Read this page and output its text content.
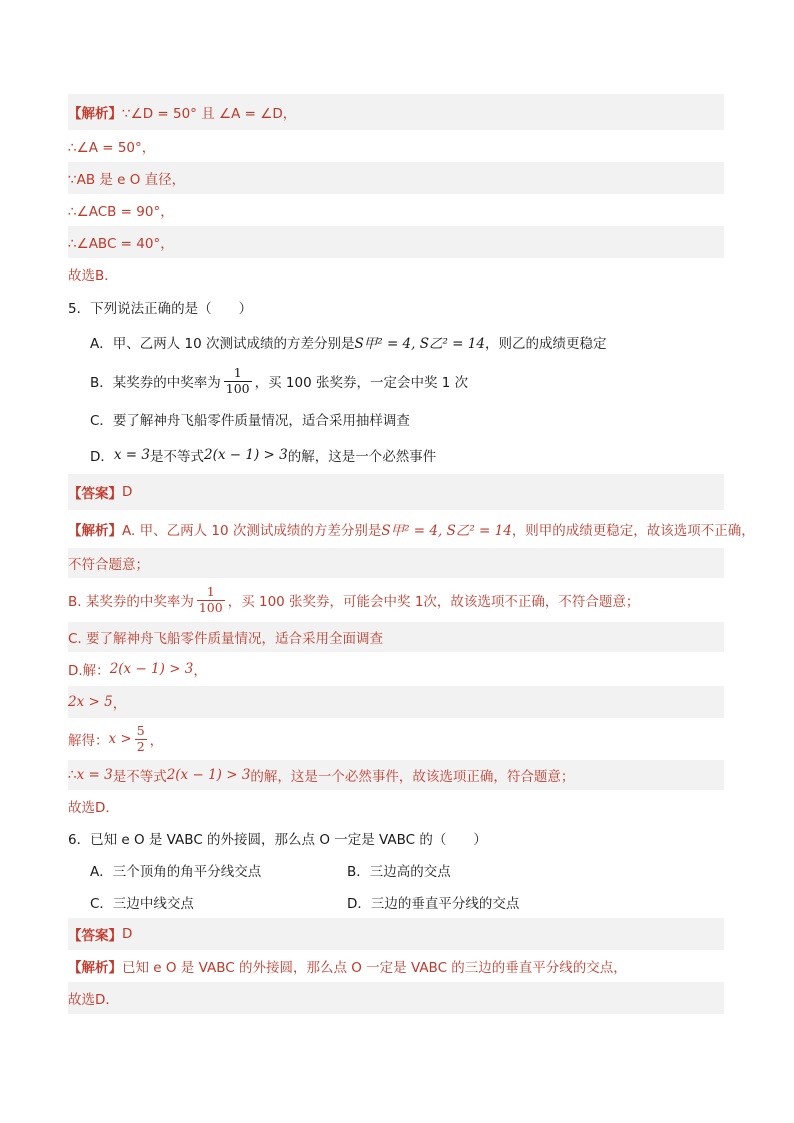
【解析】 ∵∠D = 50° 且 ∠A = ∠D，
∴∠A = 50°，
∵AB 是 e O 直径，
∴∠ACB = 90°，
∴∠ABC = 40°，
故选B．
5．下列说法正确的是（　　）
A．甲、乙两人 10 次测试成绩的方差分别是 S甲² = 4, S乙² = 14 ，则乙的成绩更稳定
B．某奖券的中奖率为 $\frac{1}{100}$ ，买 100 张奖券，一定会中奖 1 次
C．要了解神舟飞船零件质量情况，适合采用抽样调查
D． x = 3 是不等式 2(x − 1) > 3 的解，这是一个必然事件
【答案】 D
【解析】 A. 甲、乙两人 10 次测试成绩的方差分别是 S甲² = 4, S乙² = 14 ，则甲的成绩更稳定，故该选项不正确，
不符合题意；
B. 某奖券的中奖率为 $\frac{1}{100}$ ，买 100 张奖券，可能会中奖 1次，故该选项不正确，不符合题意；
C. 要了解神舟飞船零件质量情况，适合采用全面调查
D.解： 2(x − 1) > 3 ，
2x > 5 ，
解得： $x > \frac{5}{2}$ ，
∴ x = 3 是不等式 2(x − 1) > 3 的解，这是一个必然事件，故该选项正确，符合题意；
故选D．
6．已知 e O 是 VABC 的外接圆，那么点 O 一定是 VABC 的（　　）
A．三个顶角的角平分线交点	B．三边高的交点
C．三边中线交点	D．三边的垂直平分线的交点
【答案】 D
【解析】 已知 e O 是 VABC 的外接圆，那么点 O 一定是 VABC 的三边的垂直平分线的交点，
故选D．
